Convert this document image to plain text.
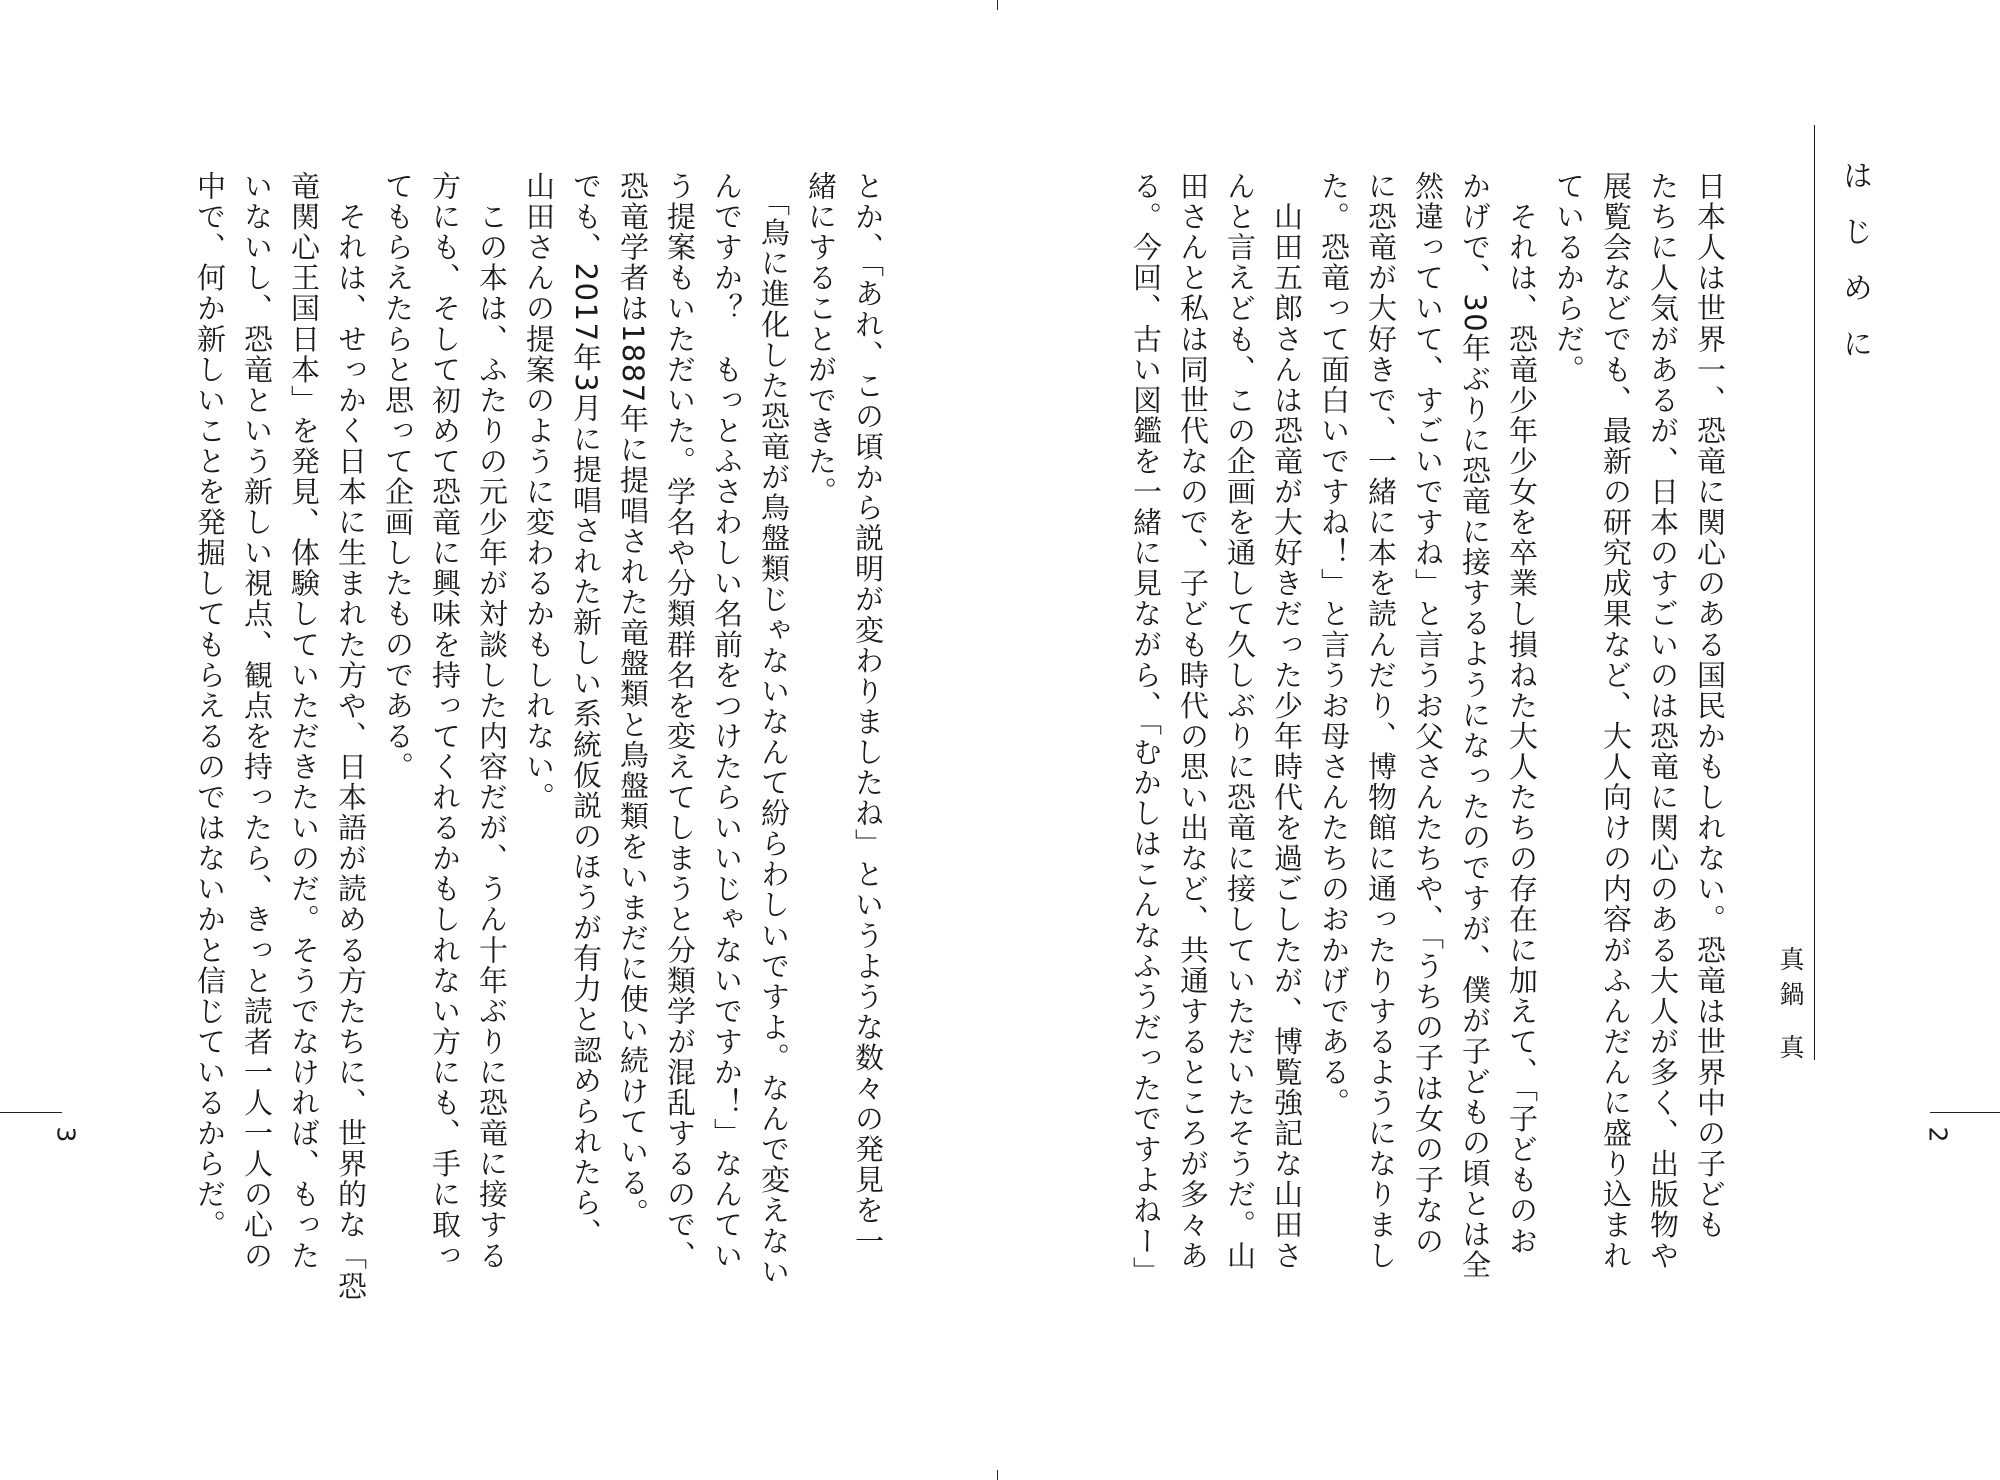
2
3
はじめに
真鍋 真
日本人は世界一、恐竜に関心のある国民かもしれない。恐竜は世界中の子ども
たちに人気があるが、日本のすごいのは恐竜に関心のある大人が多く、出版物や
展覧会などでも、最新の研究成果など、大人向けの内容がふんだんに盛り込まれ
ているからだ。
　それは、恐竜少年少女を卒業し損ねた大人たちの存在に加えて、「子どものお
かげで、30年ぶりに恐竜に接するようになったのですが、僕が子どもの頃とは全
然違っていて、すごいですね」と言うお父さんたちや、「うちの子は女の子なの
に恐竜が大好きで、一緒に本を読んだり、博物館に通ったりするようになりまし
た。恐竜って面白いですね！」と言うお母さんたちのおかげである。
　山田五郎さんは恐竜が大好きだった少年時代を過ごしたが、博覧強記な山田さ
んと言えども、この企画を通して久しぶりに恐竜に接していただいたそうだ。山
田さんと私は同世代なので、子ども時代の思い出など、共通するところが多々あ
る。今回、古い図鑑を一緒に見ながら、「むかしはこんなふうだったですよねー」
とか、「あれ、この頃から説明が変わりましたね」というような数々の発見を一
緒にすることができた。
　「鳥に進化した恐竜が鳥盤類じゃないなんて紛らわしいですよ。なんで変えない
んですか？　もっとふさわしい名前をつけたらいいじゃないですか！」なんてい
う提案もいただいた。学名や分類群名を変えてしまうと分類学が混乱するので、
恐竜学者は1887年に提唱された竜盤類と鳥盤類をいまだに使い続けている。
でも、2017年3月に提唱された新しい系統仮説のほうが有力と認められたら、
山田さんの提案のように変わるかもしれない。
　この本は、ふたりの元少年が対談した内容だが、うん十年ぶりに恐竜に接する
方にも、そして初めて恐竜に興味を持ってくれるかもしれない方にも、手に取っ
てもらえたらと思って企画したものである。
　それは、せっかく日本に生まれた方や、日本語が読める方たちに、世界的な「恐
竜関心王国日本」を発見、体験していただきたいのだ。そうでなければ、もった
いないし、恐竜という新しい視点、観点を持ったら、きっと読者一人一人の心の
中で、何か新しいことを発掘してもらえるのではないかと信じているからだ。
